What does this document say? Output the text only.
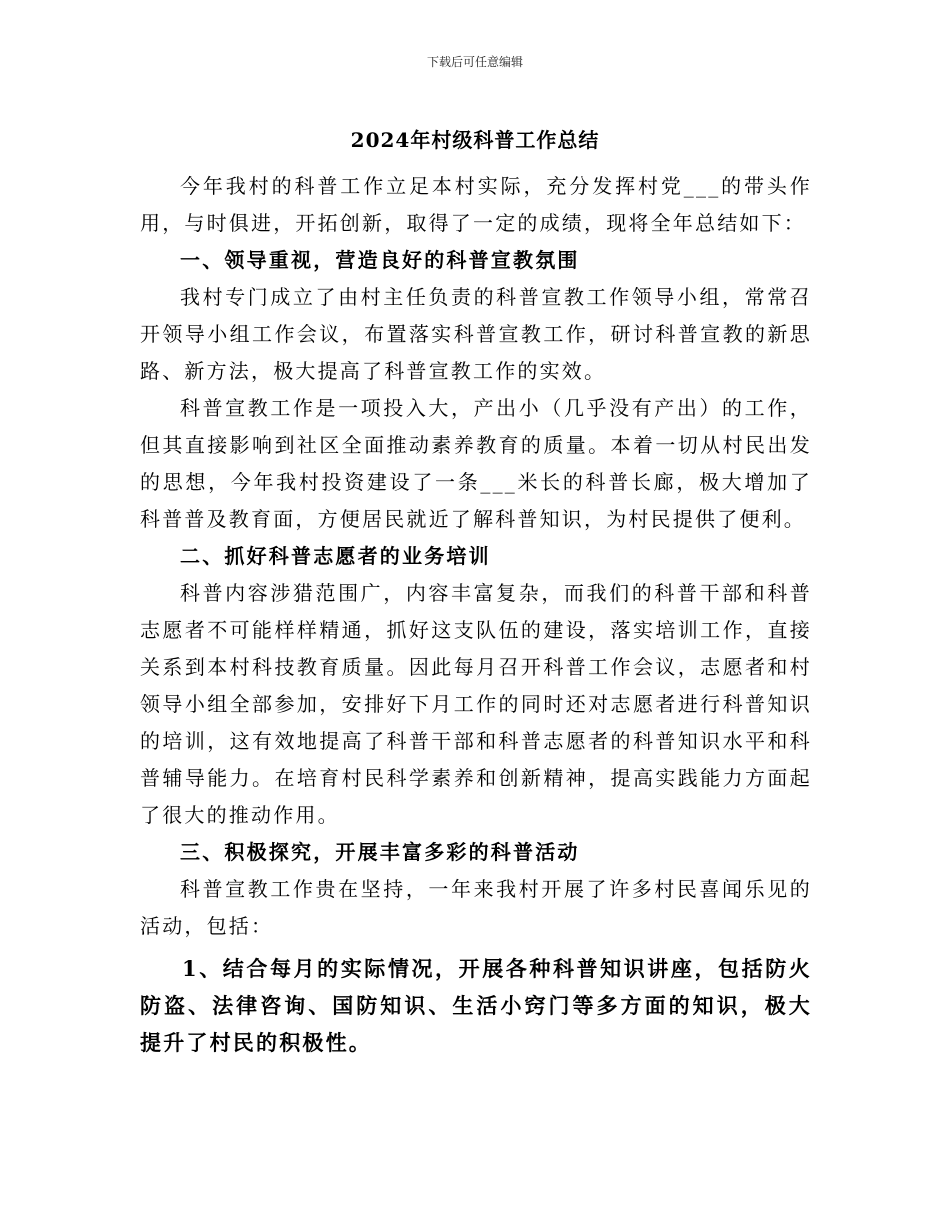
下载后可任意编辑
2024年村级科普工作总结

今年我村的科普工作立足本村实际，充分发挥村党___的带头作用，与时俱进，开拓创新，取得了一定的成绩，现将全年总结如下：

一、领导重视，营造良好的科普宣教氛围

我村专门成立了由村主任负责的科普宣教工作领导小组，常常召开领导小组工作会议，布置落实科普宣教工作，研讨科普宣教的新思路、新方法，极大提高了科普宣教工作的实效。

科普宣教工作是一项投入大，产出小（几乎没有产出）的工作，但其直接影响到社区全面推动素养教育的质量。本着一切从村民出发的思想，今年我村投资建设了一条___米长的科普长廊，极大增加了科普普及教育面，方便居民就近了解科普知识，为村民提供了便利。

二、抓好科普志愿者的业务培训

科普内容涉猎范围广，内容丰富复杂，而我们的科普干部和科普志愿者不可能样样精通，抓好这支队伍的建设，落实培训工作，直接关系到本村科技教育质量。因此每月召开科普工作会议，志愿者和村领导小组全部参加，安排好下月工作的同时还对志愿者进行科普知识的培训，这有效地提高了科普干部和科普志愿者的科普知识水平和科普辅导能力。在培育村民科学素养和创新精神，提高实践能力方面起了很大的推动作用。

三、积极探究，开展丰富多彩的科普活动

科普宣教工作贵在坚持，一年来我村开展了许多村民喜闻乐见的活动，包括：

1、结合每月的实际情况，开展各种科普知识讲座，包括防火防盗、法律咨询、国防知识、生活小窍门等多方面的知识，极大提升了村民的积极性。
